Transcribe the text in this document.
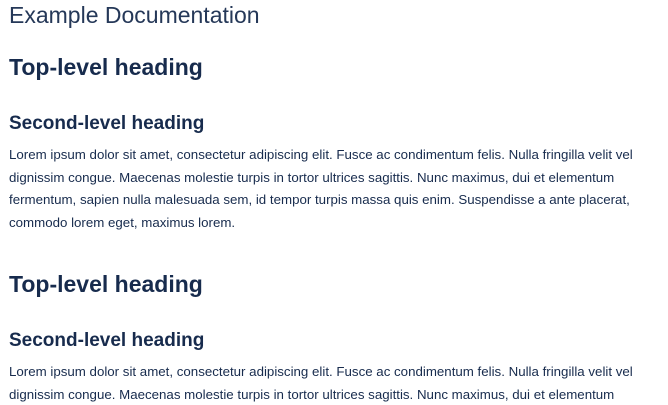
Example Documentation
Top-level heading
Second-level heading

Lorem ipsum dolor sit amet, consectetur adipiscing elit. Fusce ac condimentum felis. Nulla fringilla velit vel
dignissim congue. Maecenas molestie turpis in tortor ultrices sagittis. Nunc maximus, dui et elementum
fermentum, sapien nulla malesuada sem, id tempor turpis massa quis enim. Suspendisse a ante placerat,
commodo lorem eget, maximus lorem.

Top-level heading
Second-level heading

Lorem ipsum dolor sit amet, consectetur adipiscing elit. Fusce ac condimentum felis. Nulla fringilla velit vel
dignissim congue. Maecenas molestie turpis in tortor ultrices sagittis. Nunc maximus, dui et elementum
